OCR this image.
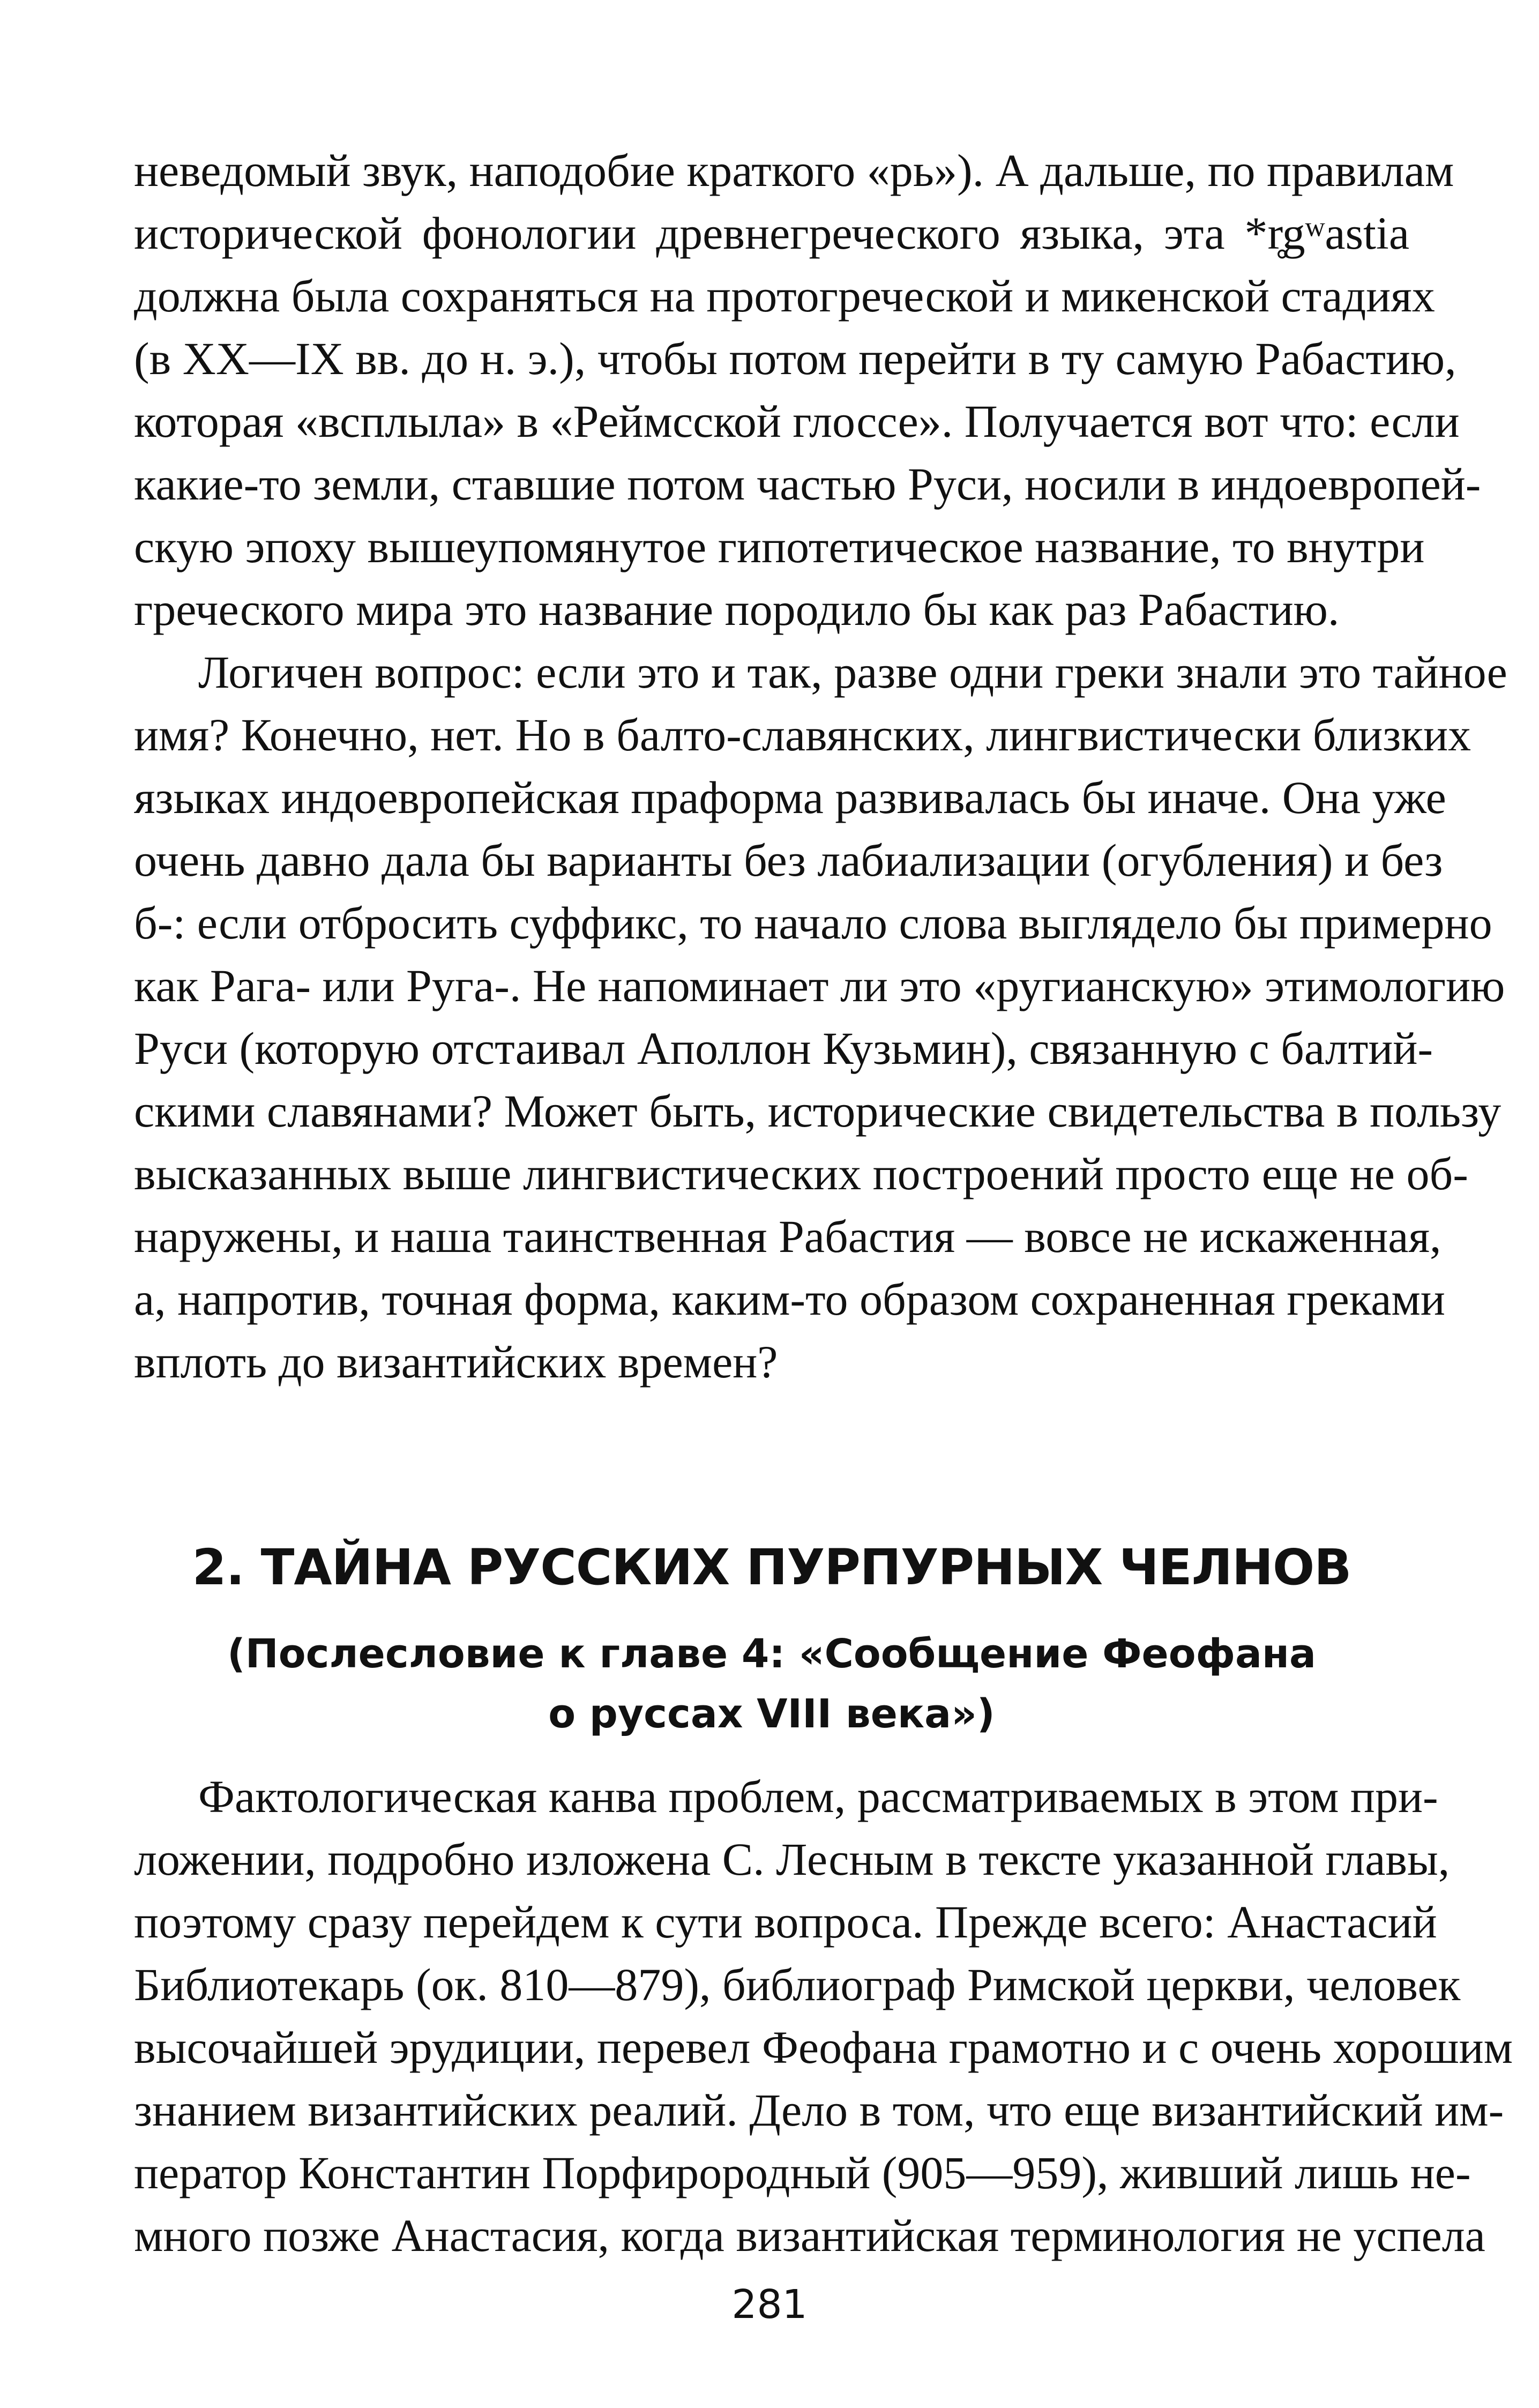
неведомый звук, наподобие краткого «рь»). А дальше, по правилам
исторической фонологии древнегреческого языка, эта *r̥gʷastia
должна была сохраняться на протогреческой и микенской стадиях
(в XX—IX вв. до н. э.), чтобы потом перейти в ту самую Рабастию,
которая «всплыла» в «Реймсской глоссе». Получается вот что: если
какие-то земли, ставшие потом частью Руси, носили в индоевропей-
скую эпоху вышеупомянутое гипотетическое название, то внутри
греческого мира это название породило бы как раз Рабастию.

Логичен вопрос: если это и так, разве одни греки знали это тайное
имя? Конечно, нет. Но в балто-славянских, лингвистически близких
языках индоевропейская праформа развивалась бы иначе. Она уже
очень давно дала бы варианты без лабиализации (огубления) и без
б-: если отбросить суффикс, то начало слова выглядело бы примерно
как Рага- или Руга-. Не напоминает ли это «ругианскую» этимологию
Руси (которую отстаивал Аполлон Кузьмин), связанную с балтий-
скими славянами? Может быть, исторические свидетельства в пользу
высказанных выше лингвистических построений просто еще не об-
наружены, и наша таинственная Рабастия — вовсе не искаженная,
а, напротив, точная форма, каким-то образом сохраненная греками
вплоть до византийских времен?

2. ТАЙНА РУССКИХ ПУРПУРНЫХ ЧЕЛНОВ
(Послесловие к главе 4: «Сообщение Феофана
о руссах VIII века»)

Фактологическая канва проблем, рассматриваемых в этом при-
ложении, подробно изложена С. Лесным в тексте указанной главы,
поэтому сразу перейдем к сути вопроса. Прежде всего: Анастасий
Библиотекарь (ок. 810—879), библиограф Римской церкви, человек
высочайшей эрудиции, перевел Феофана грамотно и с очень хорошим
знанием византийских реалий. Дело в том, что еще византийский им-
ператор Константин Порфирородный (905—959), живший лишь не-
много позже Анастасия, когда византийская терминология не успела

281
